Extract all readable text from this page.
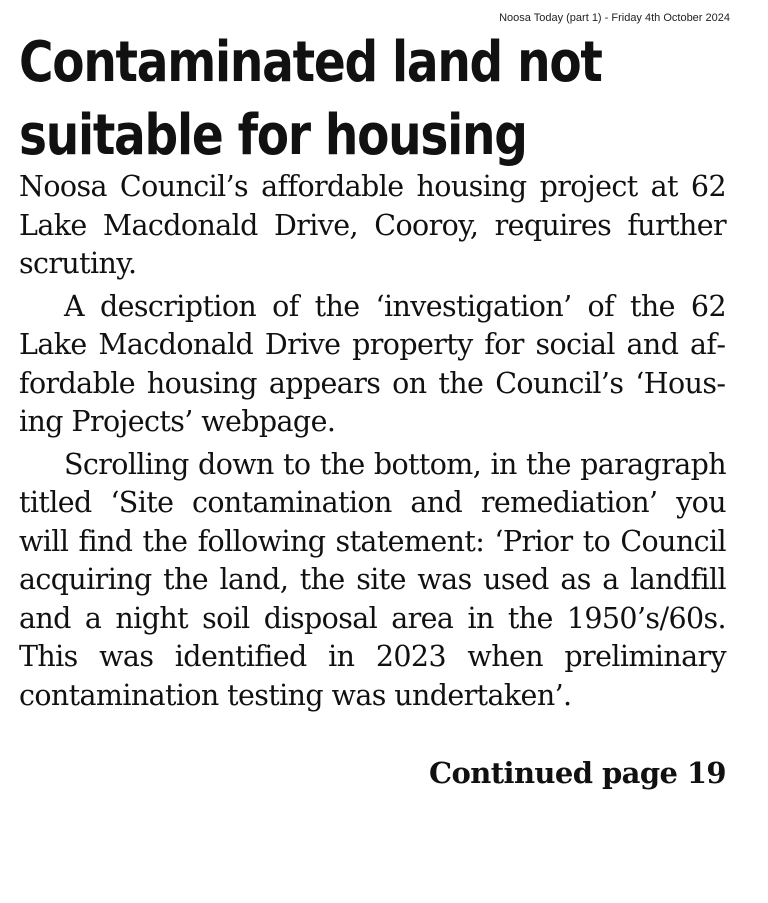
Noosa Today (part 1) - Friday 4th October 2024
Contaminated land not suitable for housing

Noosa Council’s affordable housing project at 62 Lake Macdonald Drive, Cooroy, requires further scrutiny.

A description of the ‘investigation’ of the 62 Lake Macdonald Drive property for social and affordable housing appears on the Council’s ‘Housing Projects’ webpage.

Scrolling down to the bottom, in the paragraph titled ‘Site contamination and remediation’ you will find the following statement: ‘Prior to Council acquiring the land, the site was used as a landfill and a night soil disposal area in the 1950’s/60s. This was identified in 2023 when preliminary contamination testing was undertaken’.

Continued page 19
